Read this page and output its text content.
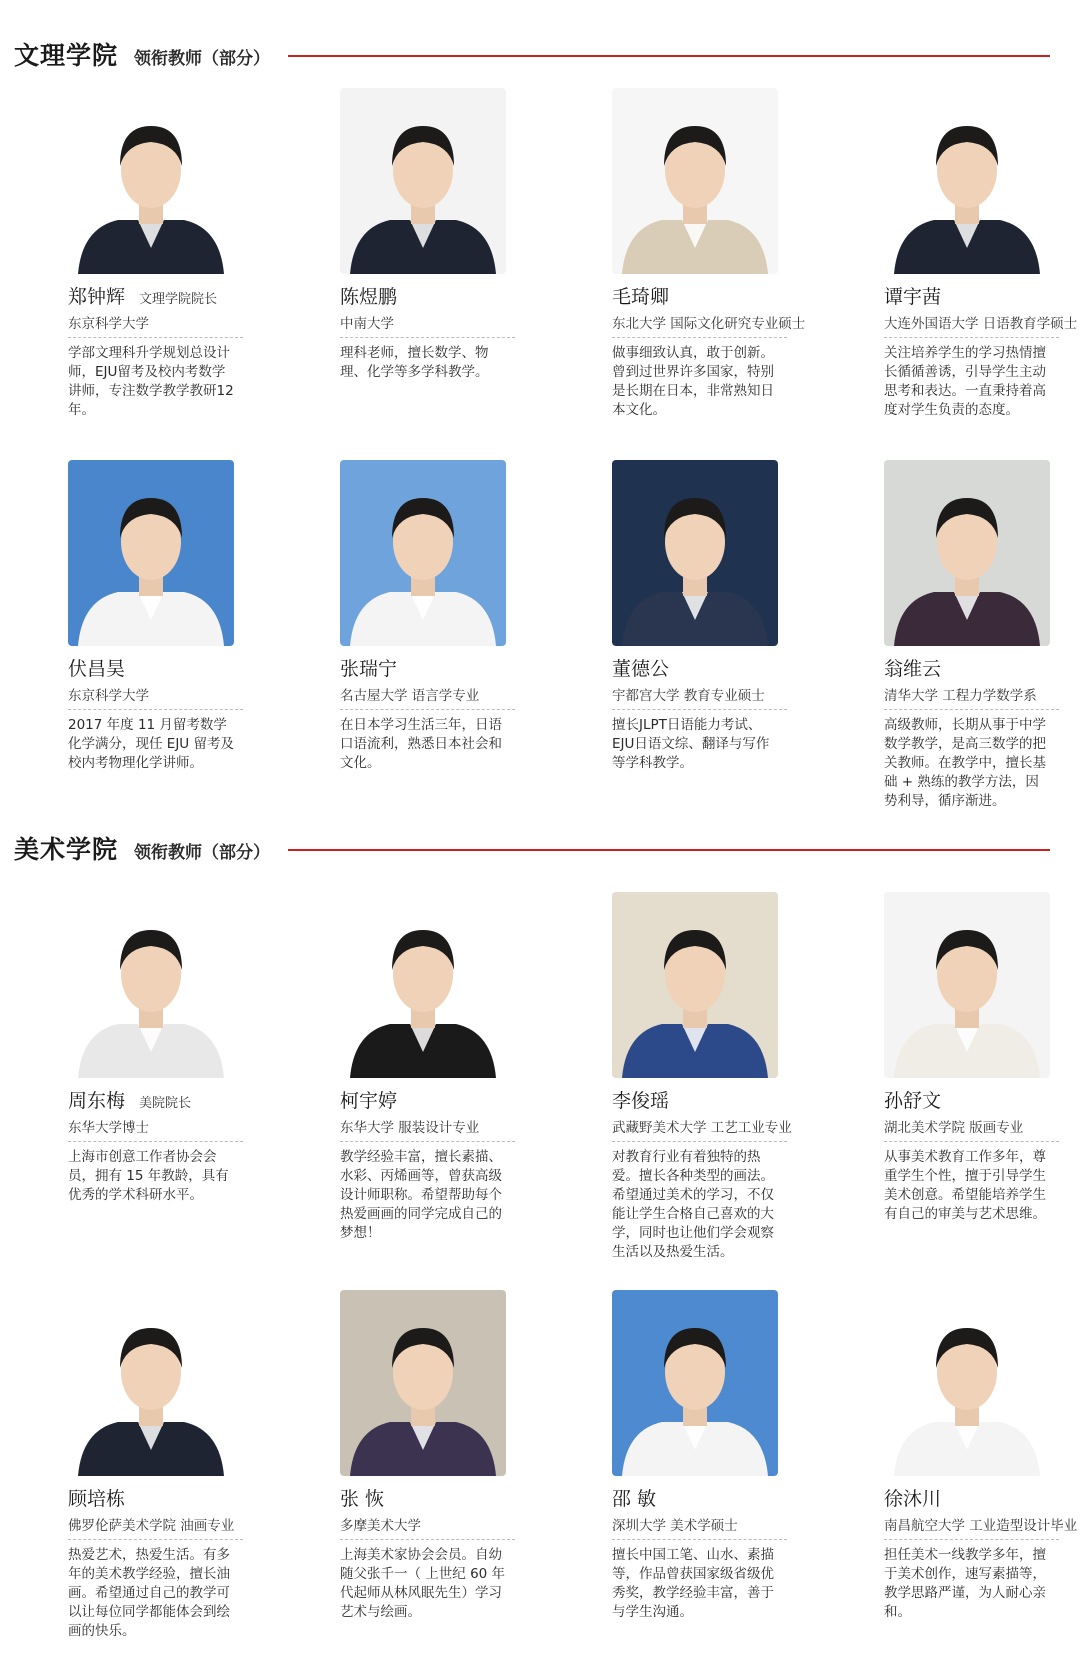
文理学院 领衔教师（部分）
郑钟辉 文理学院院长
东京科学大学
学部文理科升学规划总设计师，EJU留考及校内考数学讲师，专注数学教学教研12年。
陈煜鹏
中南大学
理科老师，擅长数学、物理、化学等多学科教学。
毛琦卿
东北大学 国际文化研究专业硕士
做事细致认真，敢于创新。曾到过世界许多国家，特别是长期在日本，非常熟知日本文化。
谭宇茜
大连外国语大学 日语教育学硕士
关注培养学生的学习热情擅长循循善诱，引导学生主动思考和表达。一直秉持着高度对学生负责的态度。
伏昌昊
东京科学大学
2017 年度 11 月留考数学化学满分，现任 EJU 留考及校内考物理化学讲师。
张瑞宁
名古屋大学 语言学专业
在日本学习生活三年，日语口语流利，熟悉日本社会和文化。
董德公
宇都宫大学 教育专业硕士
擅长JLPT日语能力考试、EJU日语文综、翻译与写作等学科教学。
翁维云
清华大学 工程力学数学系
高级教师，长期从事于中学数学教学，是高三数学的把关教师。在教学中，擅长基础 + 熟练的教学方法，因势利导，循序渐进。
美术学院 领衔教师（部分）
周东梅 美院院长
东华大学博士
上海市创意工作者协会会员，拥有 15 年教龄，具有优秀的学术科研水平。
柯宇婷
东华大学 服装设计专业
教学经验丰富，擅长素描、水彩、丙烯画等，曾获高级设计师职称。希望帮助每个热爱画画的同学完成自己的梦想！
李俊瑶
武藏野美术大学 工艺工业专业
对教育行业有着独特的热爱。擅长各种类型的画法。希望通过美术的学习，不仅能让学生合格自己喜欢的大学，同时也让他们学会观察生活以及热爱生活。
孙舒文
湖北美术学院 版画专业
从事美术教育工作多年，尊重学生个性，擅于引导学生美术创意。希望能培养学生有自己的审美与艺术思维。
顾培栋
佛罗伦萨美术学院 油画专业
热爱艺术，热爱生活。有多年的美术教学经验，擅长油画。希望通过自己的教学可以让每位同学都能体会到绘画的快乐。
张 恢
多摩美术大学
上海美术家协会会员。自幼随父张千一（ 上世纪 60 年代起师从林风眠先生）学习艺术与绘画。
邵 敏
深圳大学 美术学硕士
擅长中国工笔、山水、素描等，作品曾获国家级省级优秀奖，教学经验丰富，善于与学生沟通。
徐沐川
南昌航空大学 工业造型设计毕业
担任美术一线教学多年，擅于美术创作，速写素描等，教学思路严谨，为人耐心亲和。
